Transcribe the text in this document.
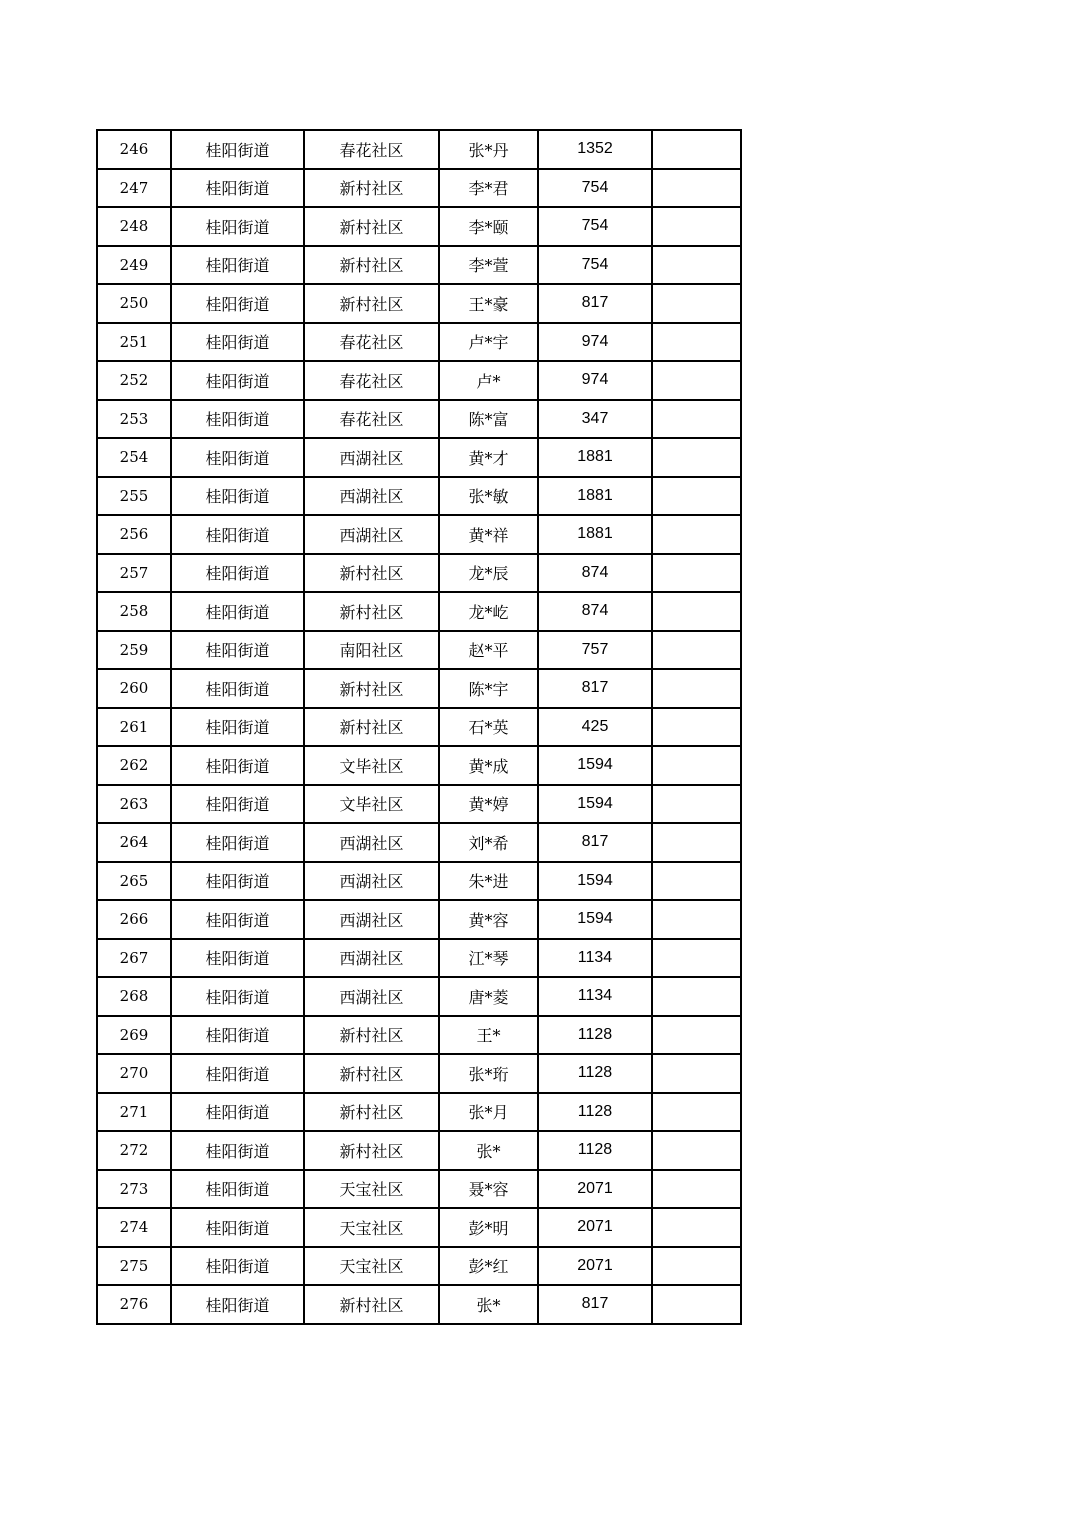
246	桂阳街道	春花社区	张*丹	1352	
247	桂阳街道	新村社区	李*君	754	
248	桂阳街道	新村社区	李*颐	754	
249	桂阳街道	新村社区	李*萱	754	
250	桂阳街道	新村社区	王*豪	817	
251	桂阳街道	春花社区	卢*宇	974	
252	桂阳街道	春花社区	卢*	974	
253	桂阳街道	春花社区	陈*富	347	
254	桂阳街道	西湖社区	黄*才	1881	
255	桂阳街道	西湖社区	张*敏	1881	
256	桂阳街道	西湖社区	黄*祥	1881	
257	桂阳街道	新村社区	龙*辰	874	
258	桂阳街道	新村社区	龙*屹	874	
259	桂阳街道	南阳社区	赵*平	757	
260	桂阳街道	新村社区	陈*宇	817	
261	桂阳街道	新村社区	石*英	425	
262	桂阳街道	文毕社区	黄*成	1594	
263	桂阳街道	文毕社区	黄*婷	1594	
264	桂阳街道	西湖社区	刘*希	817	
265	桂阳街道	西湖社区	朱*进	1594	
266	桂阳街道	西湖社区	黄*容	1594	
267	桂阳街道	西湖社区	江*琴	1134	
268	桂阳街道	西湖社区	唐*菱	1134	
269	桂阳街道	新村社区	王*	1128	
270	桂阳街道	新村社区	张*珩	1128	
271	桂阳街道	新村社区	张*月	1128	
272	桂阳街道	新村社区	张*	1128	
273	桂阳街道	天宝社区	聂*容	2071	
274	桂阳街道	天宝社区	彭*明	2071	
275	桂阳街道	天宝社区	彭*红	2071	
276	桂阳街道	新村社区	张*	817	
